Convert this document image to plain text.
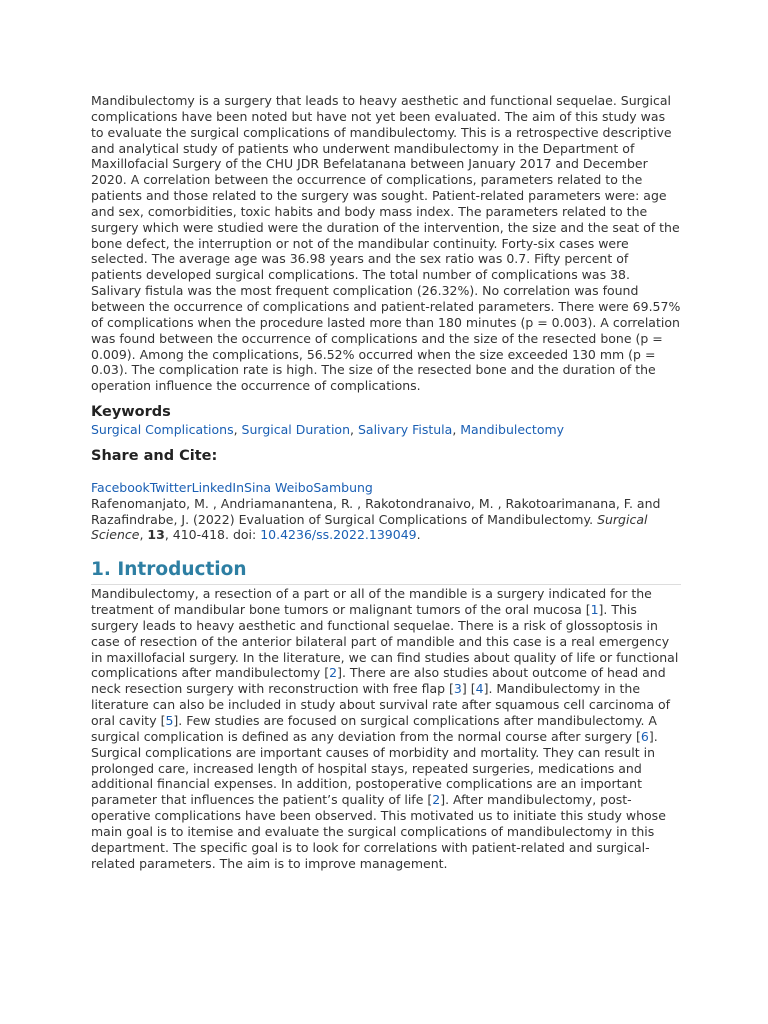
Mandibulectomy is a surgery that leads to heavy aesthetic and functional sequelae. Surgical complications have been noted but have not yet been evaluated. The aim of this study was to evaluate the surgical complications of mandibulectomy. This is a retrospective descriptive and analytical study of patients who underwent mandibulectomy in the Department of Maxillofacial Surgery of the CHU JDR Befelatanana between January 2017 and December 2020. A correlation between the occurrence of complications, parameters related to the patients and those related to the surgery was sought. Patient-related parameters were: age and sex, comorbidities, toxic habits and body mass index. The parameters related to the surgery which were studied were the duration of the intervention, the size and the seat of the bone defect, the interruption or not of the mandibular continuity. Forty-six cases were selected. The average age was 36.98 years and the sex ratio was 0.7. Fifty percent of patients developed surgical complications. The total number of complications was 38. Salivary fistula was the most frequent complication (26.32%). No correlation was found between the occurrence of complications and patient-related parameters. There were 69.57% of complications when the procedure lasted more than 180 minutes (p = 0.003). A correlation was found between the occurrence of complications and the size of the resected bone (p = 0.009). Among the complications, 56.52% occurred when the size exceeded 130 mm (p = 0.03). The complication rate is high. The size of the resected bone and the duration of the operation influence the occurrence of complications.

Keywords

Surgical Complications, Surgical Duration, Salivary Fistula, Mandibulectomy

Share and Cite:

FacebookTwitterLinkedInSina WeiboSambung

Rafenomanjato, M. , Andriamanantena, R. , Rakotondranaivo, M. , Rakotoarimanana, F. and Razafindrabe, J. (2022) Evaluation of Surgical Complications of Mandibulectomy. Surgical Science, 13, 410-418. doi: 10.4236/ss.2022.139049.

1. Introduction

Mandibulectomy, a resection of a part or all of the mandible is a surgery indicated for the treatment of mandibular bone tumors or malignant tumors of the oral mucosa [1]. This surgery leads to heavy aesthetic and functional sequelae. There is a risk of glossoptosis in case of resection of the anterior bilateral part of mandible and this case is a real emergency in maxillofacial surgery. In the literature, we can find studies about quality of life or functional complications after mandibulectomy [2]. There are also studies about outcome of head and neck resection surgery with reconstruction with free flap [3] [4]. Mandibulectomy in the literature can also be included in study about survival rate after squamous cell carcinoma of oral cavity [5]. Few studies are focused on surgical complications after mandibulectomy. A surgical complication is defined as any deviation from the normal course after surgery [6]. Surgical complications are important causes of morbidity and mortality. They can result in prolonged care, increased length of hospital stays, repeated surgeries, medications and additional financial expenses. In addition, postoperative complications are an important parameter that influences the patient’s quality of life [2]. After mandibulectomy, post-operative complications have been observed. This motivated us to initiate this study whose main goal is to itemise and evaluate the surgical complications of mandibulectomy in this department. The specific goal is to look for correlations with patient-related and surgical-related parameters. The aim is to improve management.
